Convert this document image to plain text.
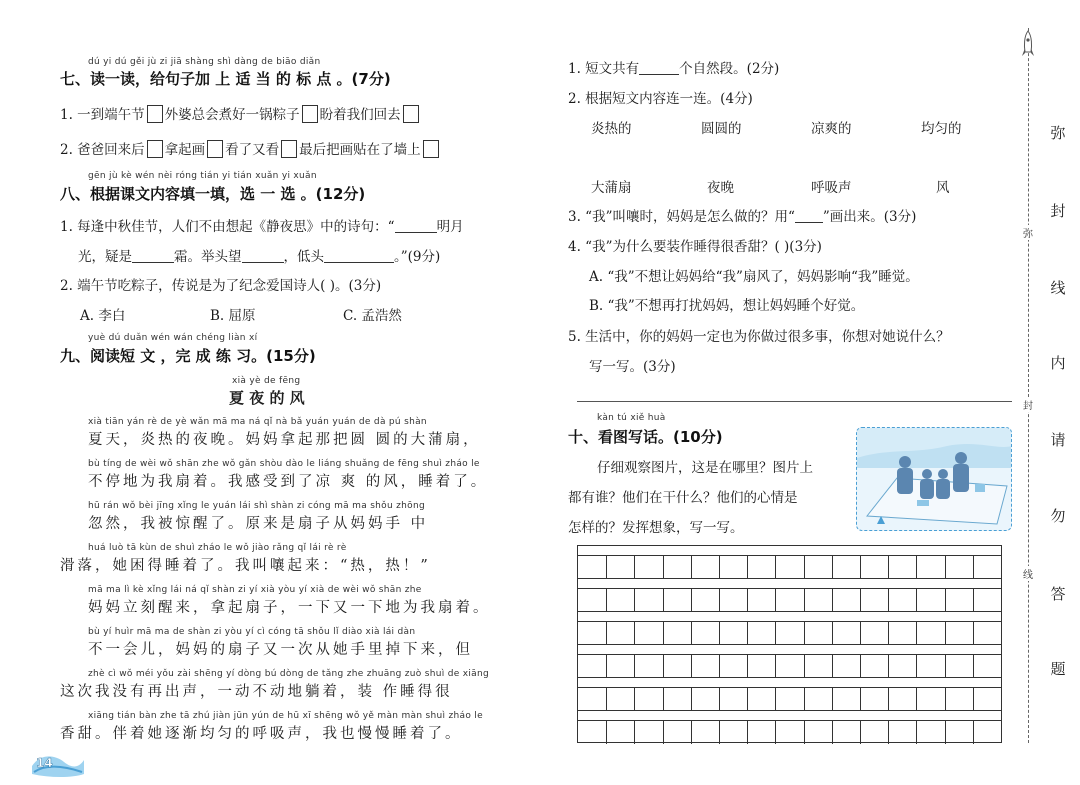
dú yi dú gěi jù zi jiā shàng shì dàng de biāo diǎn
七、读一读，给句子加 上 适 当 的 标 点 。(7分)
1. 一到端午节 外婆总会煮好一锅粽子 盼着我们回去
2. 爸爸回来后 拿起画 看了又看 最后把画贴在了墙上
gēn jù kè wén nèi róng tián yi tián xuǎn yi xuǎn
八、根据课文内容填一填，选 一 选 。(12分)
1. 每逢中秋佳节，人们不由想起《静夜思》中的诗句：“	明月
光，疑是	霜。举头望	，低头	。”(9分)
2. 端午节吃粽子，传说是为了纪念爱国诗人( )。(3分)
A. 李白	B. 屈原	C. 孟浩然
yuè dú duǎn wén wán chéng liàn xí
九、阅读短 文 ，完 成 练 习。(15分)
xià yè de fēng
夏 夜 的 风
xià tiān yán rè de yè wǎn mā ma ná qǐ nà bǎ yuán yuán de dà pú shàn
夏天，炎热的夜晚。妈妈拿起那把圆 圆的大蒲扇，
bù tíng de wèi wǒ shān zhe wǒ gǎn shòu dào le liáng shuǎng de fēng shuì zháo le
不停地为我扇着。我感受到了凉 爽 的风，睡着了。
hū rán wǒ bèi jīng xǐng le yuán lái shì shàn zi cóng mā ma shǒu zhōng
忽然，我被惊醒了。原来是扇子从妈妈手 中
huá luò tā kùn de shuì zháo le wǒ jiào rǎng qǐ lái rè rè
滑落，她困得睡着了。我叫嚷起来：“热，热！”
mā ma lì kè xǐng lái ná qǐ shàn zi yí xià yòu yí xià de wèi wǒ shān zhe
妈妈立刻醒来，拿起扇子，一下又一下地为我扇着。
bù yí huìr mā ma de shàn zi yòu yí cì cóng tā shǒu lǐ diào xià lái dàn
不一会儿，妈妈的扇子又一次从她手里掉下来，但
zhè cì wǒ méi yǒu zài shēng yí dòng bú dòng de tǎng zhe zhuāng zuò shuì de xiāng
这次我没有再出声，一动不动地躺着，装 作睡得很
xiāng tián bàn zhe tā zhú jiàn jūn yún de hū xī shēng wǒ yě màn màn shuì zháo le
香甜。伴着她逐渐均匀的呼吸声，我也慢慢睡着了。
14
1. 短文共有	个自然段。(2分)
2. 根据短文内容连一连。(4分)
炎热的	圆圆的	凉爽的	均匀的
大蒲扇	夜晚	呼吸声	风
3. “我”叫嚷时，妈妈是怎么做的？用“ ”画出来。(3分)
4. “我”为什么要装作睡得很香甜？( )(3分)
A. “我”不想让妈妈给“我”扇风了，妈妈影响“我”睡觉。
B. “我”不想再打扰妈妈，想让妈妈睡个好觉。
5. 生活中，你的妈妈一定也为你做过很多事，你想对她说什么？
写一写。(3分)
kàn tú xiě huà
十、看图写话。(10分)
仔细观察图片，这是在哪里？图片上
都有谁？他们在干什么？他们的心情是
怎样的？发挥想象，写一写。
弥
封
线
弥
封
线
内
请
勿
答
题
